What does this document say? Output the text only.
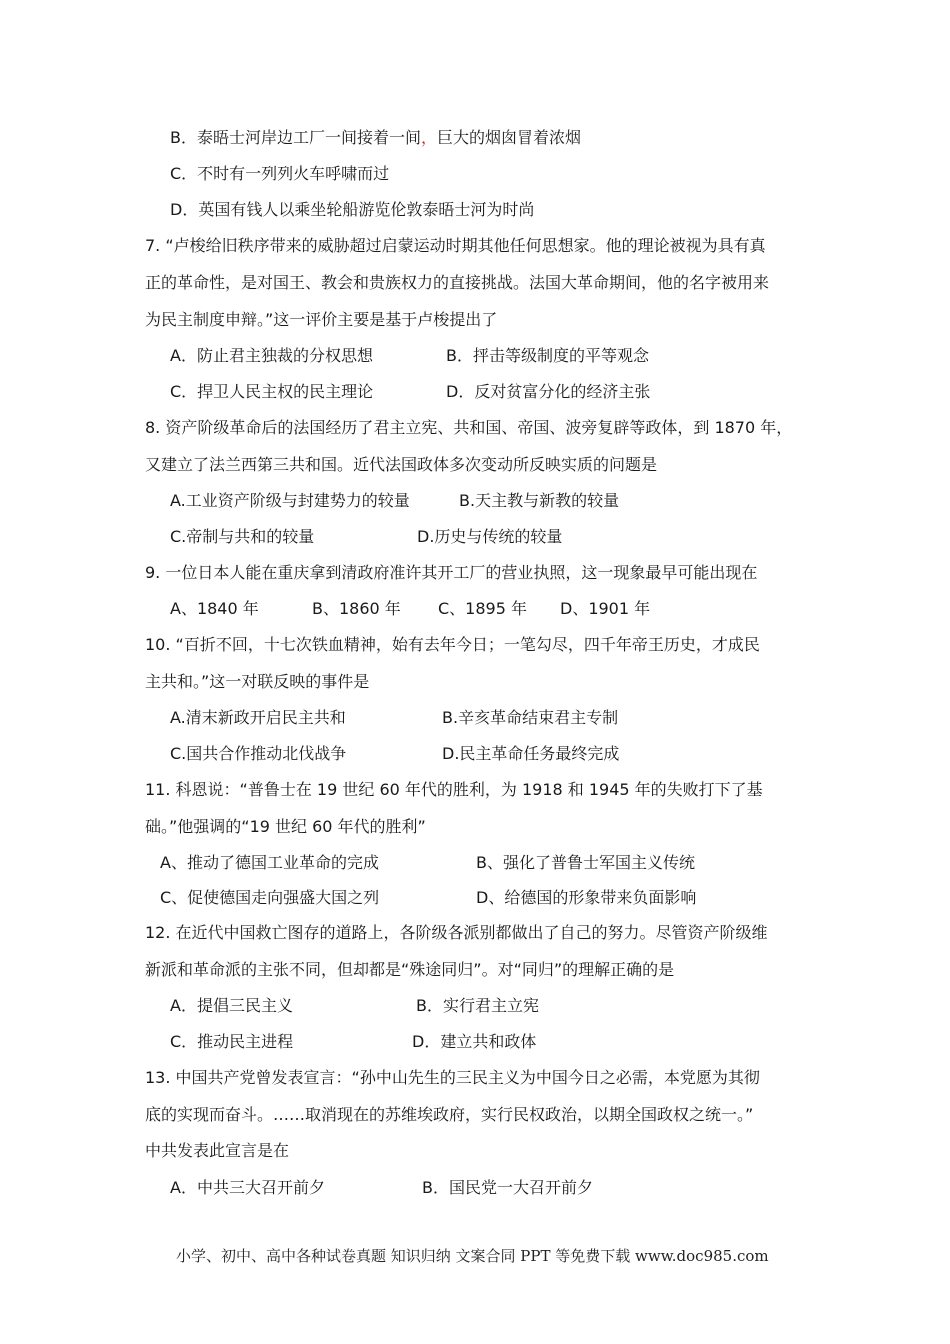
B．泰晤士河岸边工厂一间接着一间，巨大的烟囱冒着浓烟
C．不时有一列列火车呼啸而过
D．英国有钱人以乘坐轮船游览伦敦泰晤士河为时尚
7. “卢梭给旧秩序带来的威胁超过启蒙运动时期其他任何思想家。他的理论被视为具有真
正的革命性，是对国王、教会和贵族权力的直接挑战。法国大革命期间，他的名字被用来
为民主制度申辩。”这一评价主要是基于卢梭提出了
A．防止君主独裁的分权思想	B．抨击等级制度的平等观念
C．捍卫人民主权的民主理论	D．反对贫富分化的经济主张
8. 资产阶级革命后的法国经历了君主立宪、共和国、帝国、波旁复辟等政体，到 1870 年，
又建立了法兰西第三共和国。近代法国政体多次变动所反映实质的问题是
A.工业资产阶级与封建势力的较量	B.天主教与新教的较量
C.帝制与共和的较量	D.历史与传统的较量
9. 一位日本人能在重庆拿到清政府准许其开工厂的营业执照，这一现象最早可能出现在
A、1840 年	B、1860 年 C、1895 年 D、1901 年
10. “百折不回，十七次铁血精神，始有去年今日；一笔勾尽，四千年帝王历史，才成民
主共和。”这一对联反映的事件是
A.清末新政开启民主共和	B.辛亥革命结束君主专制
C.国共合作推动北伐战争	D.民主革命任务最终完成
11. 科恩说：“普鲁士在 19 世纪 60 年代的胜利，为 1918 和 1945 年的失败打下了基
础。”他强调的“19 世纪 60 年代的胜利”
A、推动了德国工业革命的完成	B、强化了普鲁士军国主义传统
C、促使德国走向强盛大国之列	D、给德国的形象带来负面影响
12. 在近代中国救亡图存的道路上，各阶级各派别都做出了自己的努力。尽管资产阶级维
新派和革命派的主张不同，但却都是“殊途同归”。对“同归”的理解正确的是
A．提倡三民主义	B．实行君主立宪
C．推动民主进程	D．建立共和政体
13. 中国共产党曾发表宣言：“孙中山先生的三民主义为中国今日之必需，本党愿为其彻
底的实现而奋斗。……取消现在的苏维埃政府，实行民权政治，以期全国政权之统一。”
中共发表此宣言是在
A．中共三大召开前夕	B．国民党一大召开前夕
小学、初中、高中各种试卷真题 知识归纳 文案合同 PPT 等免费下载 www.doc985.com
